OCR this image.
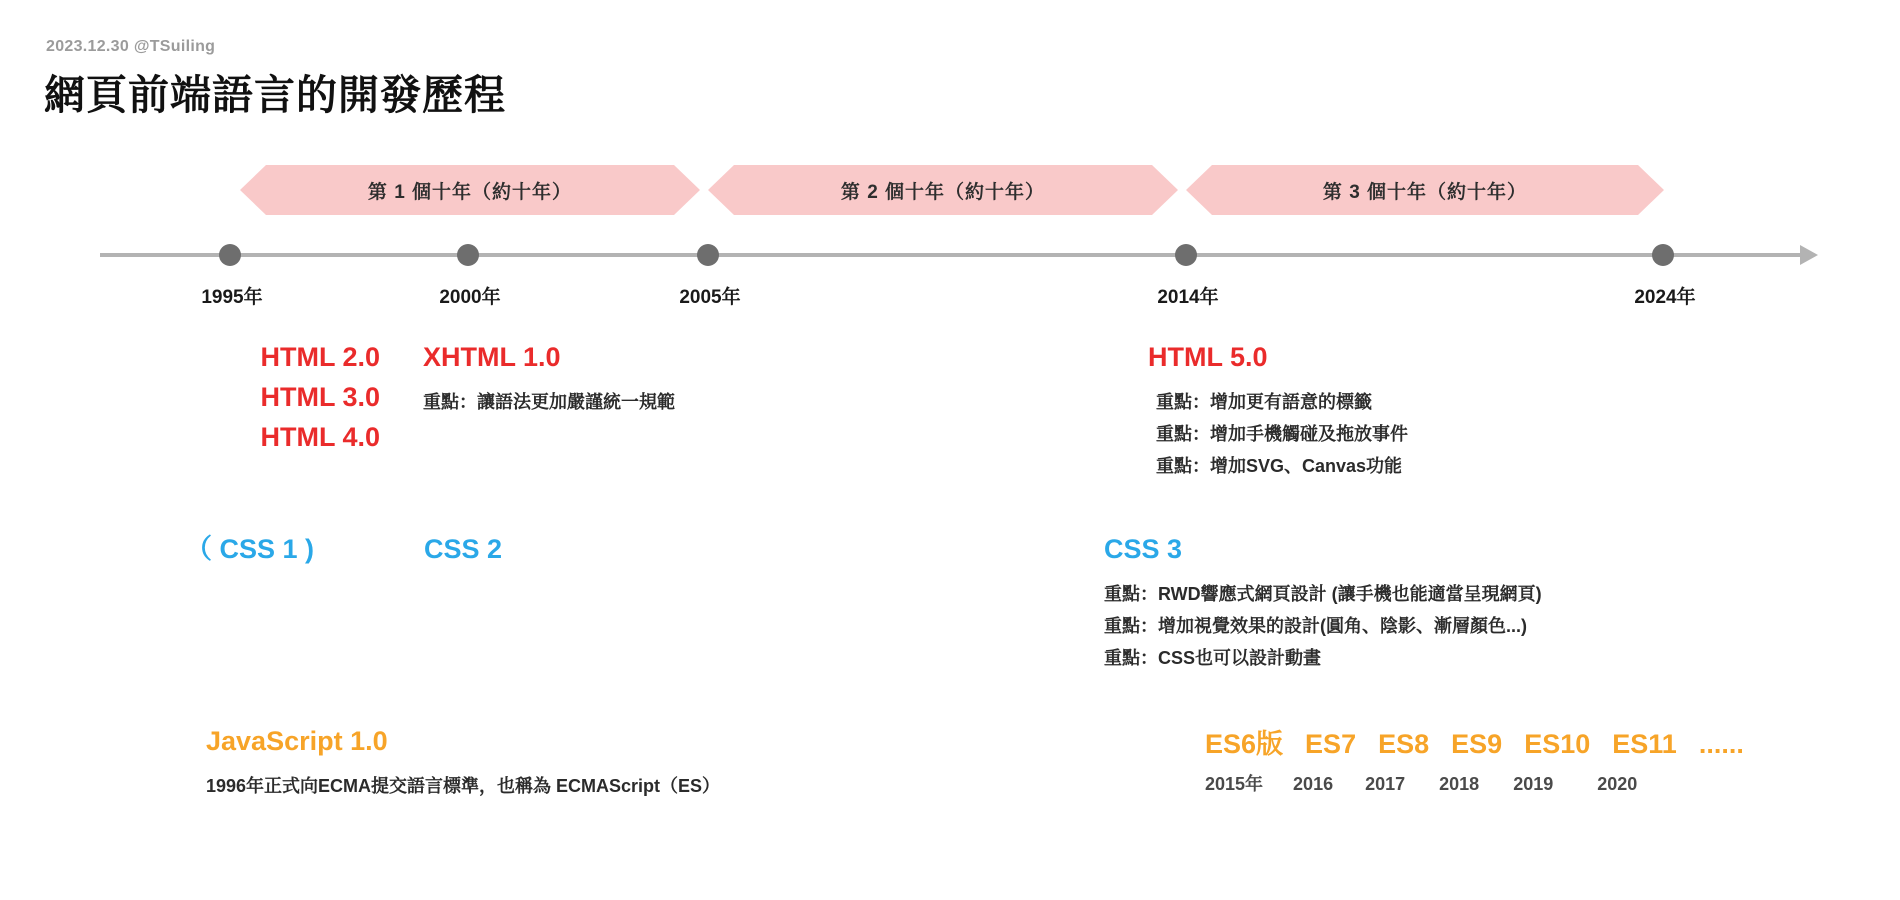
2023.12.30 @TSuiling
網頁前端語言的開發歷程
第 1 個十年（約十年）	第 2 個十年（約十年）	第 3 個十年（約十年）
1995年	2000年	2005年	2014年	2024年
HTML 2.0
HTML 3.0
HTML 4.0
XHTML 1.0
重點：讓語法更加嚴謹統一規範
HTML 5.0
重點：增加更有語意的標籤
重點：增加手機觸碰及拖放事件
重點：增加SVG、Canvas功能
（ CSS 1 )	CSS 2	CSS 3
重點：RWD響應式網頁設計 (讓手機也能適當呈現網頁)
重點：增加視覺效果的設計(圓角、陰影、漸層顏色...)
重點：CSS也可以設計動畫
JavaScript 1.0
1996年正式向ECMA提交語言標準，也稱為 ECMAScript（ES）
ES6版 ES7 ES8 ES9 ES10 ES11 ......
2015年 2016 2017 2018 2019 2020
